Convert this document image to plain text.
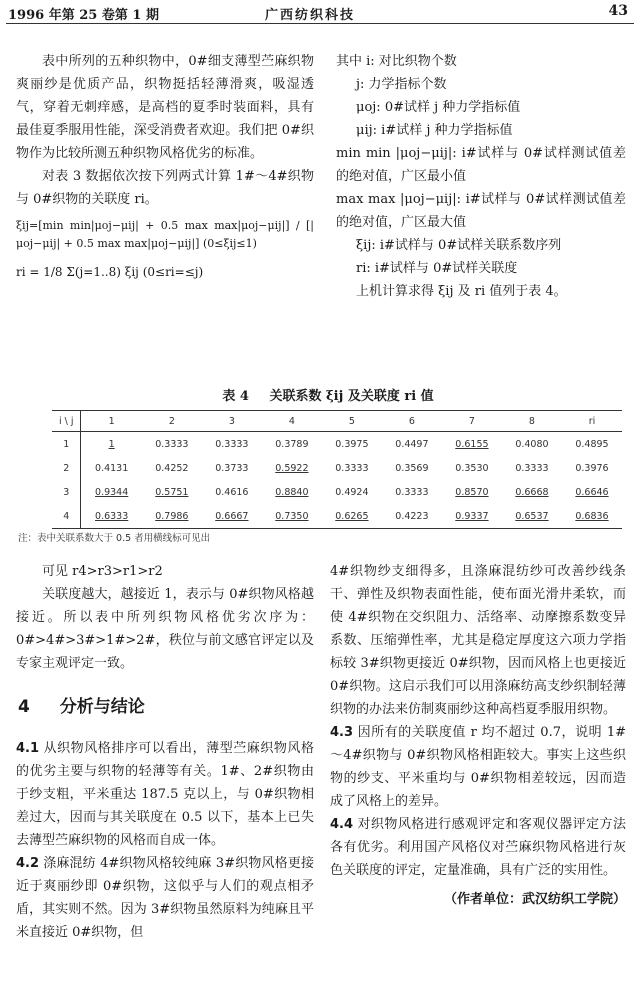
1996 年第 25 卷第 1 期	广西纺织科技	43

表中所列的五种织物中，0#细支薄型苎麻织物爽丽纱是优质产品，织物挺括轻薄滑爽，吸湿透气，穿着无刺痒感，是高档的夏季时装面料，具有最佳夏季服用性能，深受消费者欢迎。我们把 0#织物作为比较所测五种织物风格优劣的标准。

对表 3 数据依次按下列两式计算 1#～4#织物与 0#织物的关联度 ri。

ξij=[min min|μoj−μij| + 0.5 max max|μoj−μij|] / [|μoj−μij| + 0.5 max max|μoj−μij|] (0≤ξij≤1)

ri = 1/8 Σ(j=1..8) ξij (0≤ri=≤j)

其中 i: 对比织物个数

j: 力学指标个数

μoj: 0#试样 j 种力学指标值

μij: i#试样 j 种力学指标值

min min |μoj−μij|: i#试样与 0#试样测试值差的绝对值，广区最小值

max max |μoj−μij|: i#试样与 0#试样测试值差的绝对值，广区最大值

ξij: i#试样与 0#试样关联系数序列

ri: i#试样与 0#试样关联度

上机计算求得 ξij 及 ri 值列于表 4。

表 4 关联系数 ξij 及关联度 ri 值
i \ j	1	2	3	4	5	6	7	8	ri
1	1	0.3333	0.3333	0.3789	0.3975	0.4497	0.6155	0.4080	0.4895
2	0.4131	0.4252	0.3733	0.5922	0.3333	0.3569	0.3530	0.3333	0.3976
3	0.9344	0.5751	0.4616	0.8840	0.4924	0.3333	0.8570	0.6668	0.6646
4	0.6333	0.7986	0.6667	0.7350	0.6265	0.4223	0.9337	0.6537	0.6836
注：表中关联系数大于 0.5 者用横线标可见出

可见 r4>r3>r1>r2

关联度越大，越接近 1，表示与 0#织物风格越接近。所以表中所列织物风格优劣次序为：0#>4#>3#>1#>2#，秩位与前文感官评定以及专家主观评定一致。

4 分析与结论

4.1 从织物风格排序可以看出，薄型苎麻织物风格的优劣主要与织物的轻薄等有关。1#、2#织物由于纱支粗，平米重达 187.5 克以上，与 0#织物相差过大，因而与其关联度在 0.5 以下，基本上已失去薄型苎麻织物的风格而自成一体。

4.2 涤麻混纺 4#织物风格较纯麻 3#织物风格更接近于爽丽纱即 0#织物，这似乎与人们的观点相矛盾，其实则不然。因为 3#织物虽然原料为纯麻且平米直接近 0#织物，但

4#织物纱支细得多，且涤麻混纺纱可改善纱线条干、弹性及织物表面性能，使布面光滑井柔软，而使 4#织物在交织阻力、活络率、动摩擦系数变异系数、压缩弹性率，尤其是稳定厚度这六项力学指标较 3#织物更接近 0#织物，因而风格上也更接近 0#织物。这启示我们可以用涤麻纺高支纱织制轻薄织物的办法来仿制爽丽纱这种高档夏季服用织物。

4.3 因所有的关联度值 r 均不超过 0.7，说明 1#～4#织物与 0#织物风格相距较大。事实上这些织物的纱支、平米重均与 0#织物相差较远，因而造成了风格上的差异。

4.4 对织物风格进行感观评定和客观仪器评定方法各有优劣。利用国产风格仪对苎麻织物风格进行灰色关联度的评定，定量准确，具有广泛的实用性。

（作者单位：武汉纺织工学院）
